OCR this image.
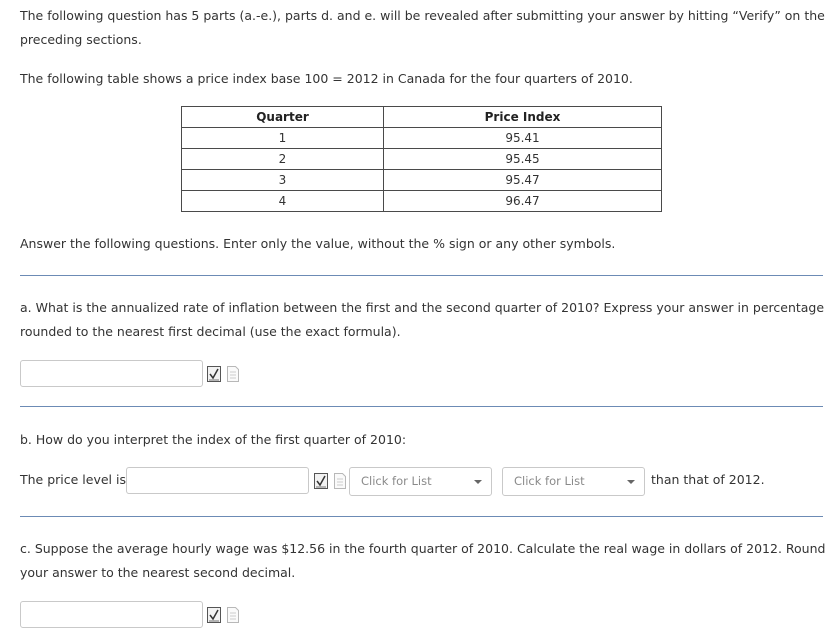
The following question has 5 parts (a.-e.), parts d. and e. will be revealed after submitting your answer by hitting “Verify” on the
preceding sections.
The following table shows a price index base 100 = 2012 in Canada for the four quarters of 2010.
Quarter	Price Index
1	95.41
2	95.45
3	95.47
4	96.47
Answer the following questions. Enter only the value, without the % sign or any other symbols.
a. What is the annualized rate of inflation between the first and the second quarter of 2010? Express your answer in percentage
rounded to the nearest first decimal (use the exact formula).
b. How do you interpret the index of the first quarter of 2010:
The price level is	Click for List	Click for List	than that of 2012.
c. Suppose the average hourly wage was $12.56 in the fourth quarter of 2010. Calculate the real wage in dollars of 2012. Round
your answer to the nearest second decimal.
